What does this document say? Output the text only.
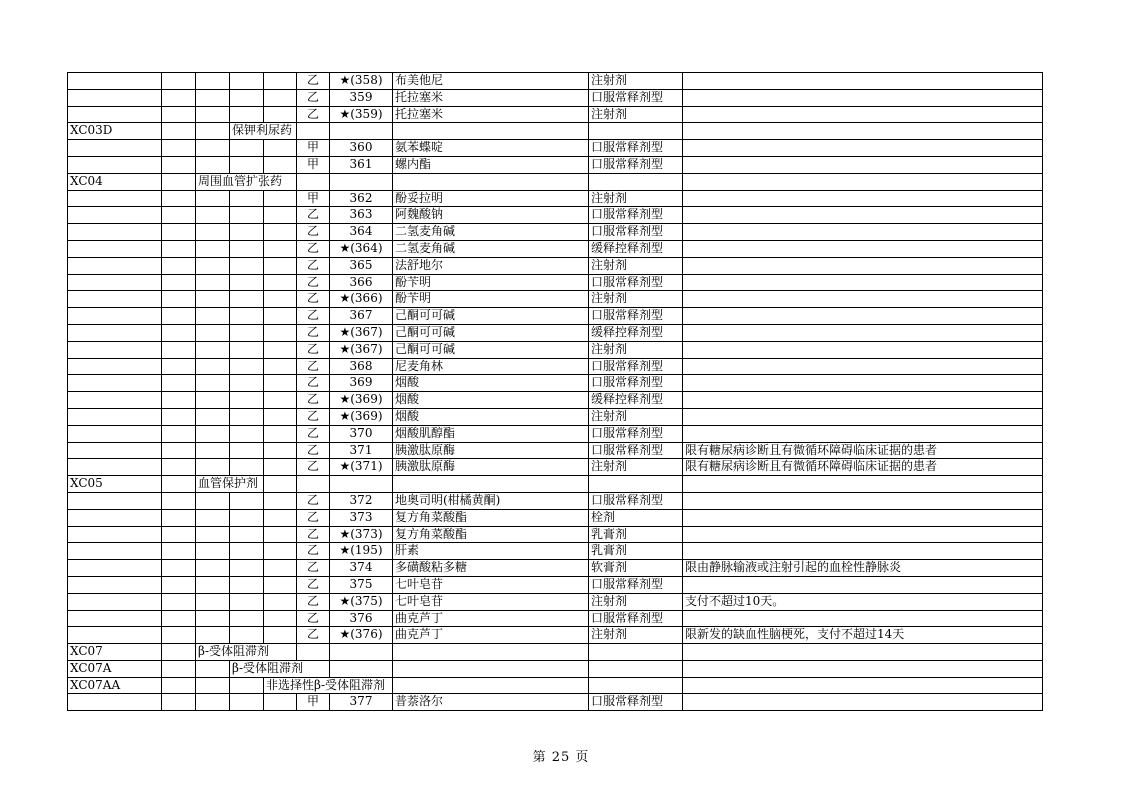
					乙	★(358)	布美他尼	注射剂	
					乙	359	托拉塞米	口服常释剂型	
					乙	★(359)	托拉塞米	注射剂	
XC03D			保钾利尿药						

					甲	360	氨苯蝶啶	口服常释剂型	
					甲	361	螺内酯	口服常释剂型	
XC04		周围血管扩张药							

					甲	362	酚妥拉明	注射剂	
					乙	363	阿魏酸钠	口服常释剂型	
					乙	364	二氢麦角碱	口服常释剂型	
					乙	★(364)	二氢麦角碱	缓释控释剂型	
					乙	365	法舒地尔	注射剂	
					乙	366	酚苄明	口服常释剂型	
					乙	★(366)	酚苄明	注射剂	
					乙	367	己酮可可碱	口服常释剂型	
					乙	★(367)	己酮可可碱	缓释控释剂型	
					乙	★(367)	己酮可可碱	注射剂	
					乙	368	尼麦角林	口服常释剂型	
					乙	369	烟酸	口服常释剂型	
					乙	★(369)	烟酸	缓释控释剂型	
					乙	★(369)	烟酸	注射剂	
					乙	370	烟酸肌醇酯	口服常释剂型	
					乙	371	胰激肽原酶	口服常释剂型	限有糖尿病诊断且有微循环障碍临床证据的患者
					乙	★(371)	胰激肽原酶	注射剂	限有糖尿病诊断且有微循环障碍临床证据的患者
XC05		血管保护剂							

					乙	372	地奥司明(柑橘黄酮)	口服常释剂型	
					乙	373	复方角菜酸酯	栓剂	
					乙	★(373)	复方角菜酸酯	乳膏剂	
					乙	★(195)	肝素	乳膏剂	
					乙	374	多磺酸粘多糖	软膏剂	限由静脉输液或注射引起的血栓性静脉炎
					乙	375	七叶皂苷	口服常释剂型	
					乙	★(375)	七叶皂苷	注射剂	支付不超过10天。
					乙	376	曲克芦丁	口服常释剂型	
					乙	★(376)	曲克芦丁	注射剂	限新发的缺血性脑梗死，支付不超过14天
XC07		β-受体阻滞剂							

XC07A			β-受体阻滞剂						

XC07AA				非选择性β-受体阻滞剂					

					甲	377	普萘洛尔	口服常释剂型	
第 25 页
